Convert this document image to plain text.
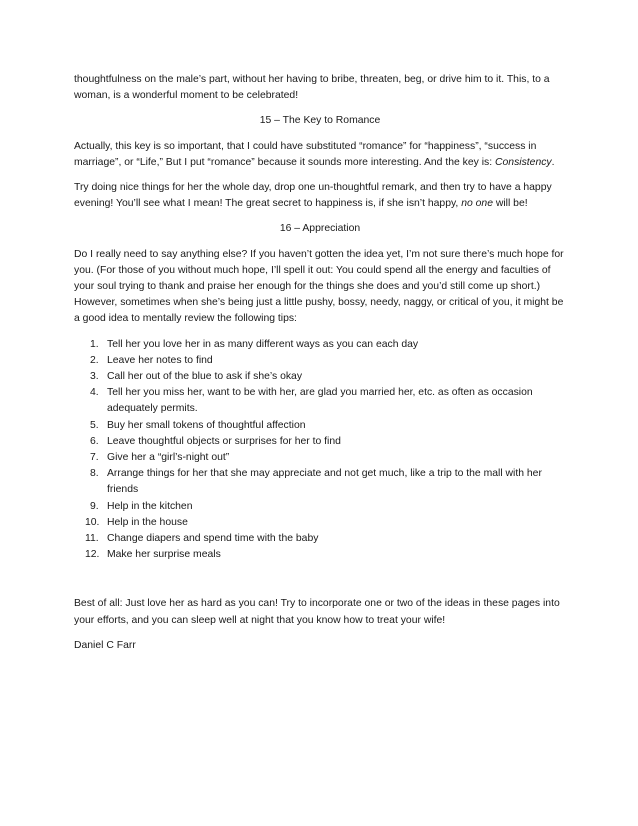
thoughtfulness on the male’s part, without her having to bribe, threaten, beg, or drive him to it. This, to a woman, is a wonderful moment to be celebrated!

15 – The Key to Romance

Actually, this key is so important, that I could have substituted “romance” for “happiness”, “success in marriage”, or “Life,” But I put “romance” because it sounds more interesting. And the key is: Consistency.

Try doing nice things for her the whole day, drop one un-thoughtful remark, and then try to have a happy evening! You’ll see what I mean! The great secret to happiness is, if she isn’t happy, no one will be!

16 – Appreciation

Do I really need to say anything else? If you haven’t gotten the idea yet, I’m not sure there’s much hope for you. (For those of you without much hope, I’ll spell it out: You could spend all the energy and faculties of your soul trying to thank and praise her enough for the things she does and you’d still come up short.) However, sometimes when she’s being just a little pushy, bossy, needy, naggy, or critical of you, it might be a good idea to mentally review the following tips:

1. Tell her you love her in as many different ways as you can each day
2. Leave her notes to find
3. Call her out of the blue to ask if she’s okay
4. Tell her you miss her, want to be with her, are glad you married her, etc. as often as occasion adequately permits.
5. Buy her small tokens of thoughtful affection
6. Leave thoughtful objects or surprises for her to find
7. Give her a “girl’s-night out”
8. Arrange things for her that she may appreciate and not get much, like a trip to the mall with her friends
9. Help in the kitchen
10. Help in the house
11. Change diapers and spend time with the baby
12. Make her surprise meals

Best of all: Just love her as hard as you can! Try to incorporate one or two of the ideas in these pages into your efforts, and you can sleep well at night that you know how to treat your wife!

Daniel C Farr
